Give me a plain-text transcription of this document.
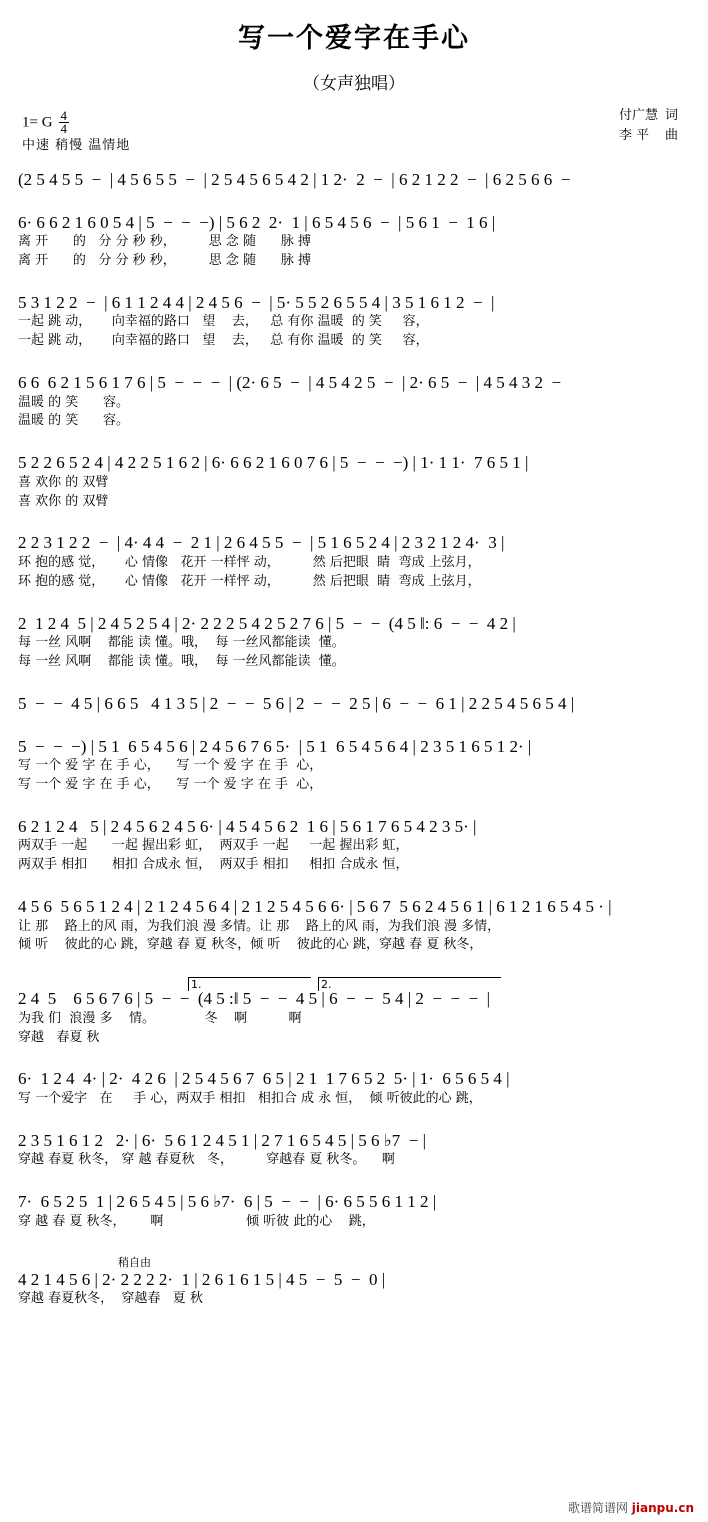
写一个爱字在手心
（女声独唱）
1= G $\frac{4}{4}$
中速 稍慢 温情地
付广慧 词
李 平 曲
(2 5 4 5 5  −  | 4 5 6 5 5  −  | 2 5 4 5 6 5 4 2 | 1 2·  2  −  | 6 2 1 2 2  −  | 6 2 5 6 6  −
6· 6 6 2 1 6 0 5 4 | 5  −  −  −) | 5 6 2  2·  1 | 6 5 4 5 6  −  | 5 6 1  −  1 6 |
离 开      的   分 分 秒 秒，        思 念 随      脉 搏
离 开      的   分 分 秒 秒，        思 念 随      脉 搏
5 3 1 2 2  −  | 6 1 1 2 4 4 | 2 4 5 6  −  | 5· 5 5 2 6 5 5 4 | 3 5 1 6 1 2  −  |
一起 跳 动，     向幸福的路口   望    去，   总 有你 温暖  的 笑     容，
一起 跳 动，     向幸福的路口   望    去，   总 有你 温暖  的 笑     容，
6 6  6 2 1 5 6 1 7 6 | 5  −  −  −  | (2· 6 5  −  | 4 5 4 2 5  −  | 2· 6 5  −  | 4 5 4 3 2  −
温暖 的 笑      容。
温暖 的 笑      容。
5 2 2 6 5 2 4 | 4 2 2 5 1 6 2 | 6· 6 6 2 1 6 0 7 6 | 5  −  −  −) | 1· 1 1·  7 6 5 1 |
喜 欢你 的 双臂
喜 欢你 的 双臂
2 2 3 1 2 2  −  | 4· 4 4  −  2 1 | 2 6 4 5 5  −  | 5 1 6 5 2 4 | 2 3 2 1 2 4·  3 |
环 抱的感 觉，     心 情像   花开 一样怦 动，        然 后把眼  睛  弯成 上弦月，
环 抱的感 觉，     心 情像   花开 一样怦 动，        然 后把眼  睛  弯成 上弦月，
2  1 2 4  5 | 2 4 5 2 5 4 | 2· 2 2 2 5 4 2 5 2 7 6 | 5  −  −  (4 5 ‖: 6  −  −  4 2 |
每 一丝 风啊    都能 读 懂。哦，  每 一丝风都能读  懂。
每 一丝 风啊    都能 读 懂。哦，  每 一丝风都能读  懂。
5  −  −  4 5 | 6 6 5   4 1 3 5 | 2  −  −  5 6 | 2  −  −  2 5 | 6  −  −  6 1 | 2 2 5 4 5 6 5 4 |
5  −  −  −) | 5 1  6 5 4 5 6 | 2 4 5 6 7 6 5·  | 5 1  6 5 4 5 6 4 | 2 3 5 1 6 5 1 2· |
写 一个 爱 字 在 手 心，    写 一个 爱 字 在 手  心，
写 一个 爱 字 在 手 心，    写 一个 爱 字 在 手  心，
6 2 1 2 4   5 | 2 4 5 6 2 4 5 6· | 4 5 4 5 6 2  1 6 | 5 6 1 7 6 5 4 2 3 5· |
两双手 一起      一起 握出彩 虹，  两双手 一起     一起 握出彩 虹，
两双手 相扣      相扣 合成永 恒，  两双手 相扣     相扣 合成永 恒，
4 5 6  5 6 5 1 2 4 | 2 1 2 4 5 6 4 | 2 1 2 5 4 5 6 6· | 5 6 7  5 6 2 4 5 6 1 | 6 1 2 1 6 5 4 5 · |
让 那    路上的风 雨，为我们浪 漫 多情。让 那    路上的风 雨，为我们浪 漫 多情，
倾 听    彼此的心 跳，穿越 春 夏 秋冬，倾 听    彼此的心 跳，穿越 春 夏 秋冬，
1.	2.
2 4  5    6 5 6 7 6 | 5  −  −  (4 5 :‖ 5  −  −  4 5 | 6  −  −  5 4 | 2  −  −  −  |
为我 们  浪漫 多    情。            冬    啊          啊
穿越   春夏 秋
6·  1 2 4  4· | 2·  4 2 6  | 2 5 4 5 6 7  6 5 | 2 1  1 7 6 5 2  5· | 1·  6 5 6 5 4 |
写 一个爱字   在     手 心，两双手 相扣   相扣合 成 永 恒，  倾 听彼此的心 跳，
2 3 5 1 6 1 2   2· | 6·  5 6 1 2 4 5 1 | 2 7 1 6 5 4 5 | 5 6 ♭7  − |
穿越 春夏 秋冬， 穿 越 春夏秋   冬，        穿越春 夏 秋冬。    啊
7·  6 5 2 5  1 | 2 6 5 4 5 | 5 6 ♭7·  6 | 5  −  −  | 6· 6 5 5 6 1 1 2 |
穿 越 春 夏 秋冬，      啊                    倾 听彼 此的心    跳，
稍自由
4 2 1 4 5 6 | 2· 2 2 2 2·  1 | 2 6 1 6 1 5 | 4 5  −  5  −  0 |
穿越 春夏秋冬，  穿越春   夏 秋
歌谱简谱网 jianpu.cn
